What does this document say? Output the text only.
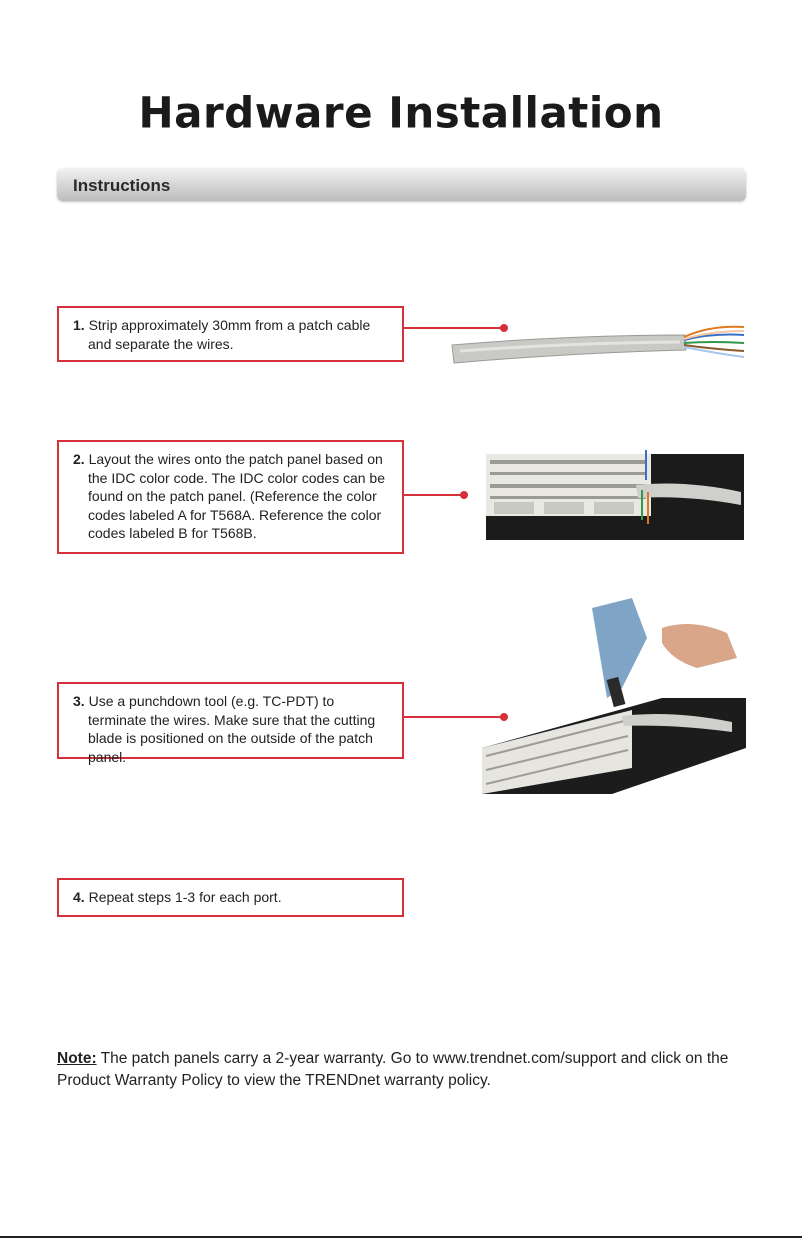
Hardware Installation
Instructions
1. Strip approximately 30mm from a patch cable and separate the wires.
2. Layout the wires onto the patch panel based on the IDC color code. The IDC color codes can be found on the patch panel. (Reference the color codes labeled A for T568A. Reference the color codes labeled B for T568B.
3. Use a punchdown tool (e.g. TC-PDT) to terminate the wires. Make sure that the cutting blade is positioned on the outside of the patch panel.
4. Repeat steps 1-3 for each port.
Note: The patch panels carry a 2-year warranty. Go to www.trendnet.com/support and click on the Product Warranty Policy to view the TRENDnet warranty policy.
